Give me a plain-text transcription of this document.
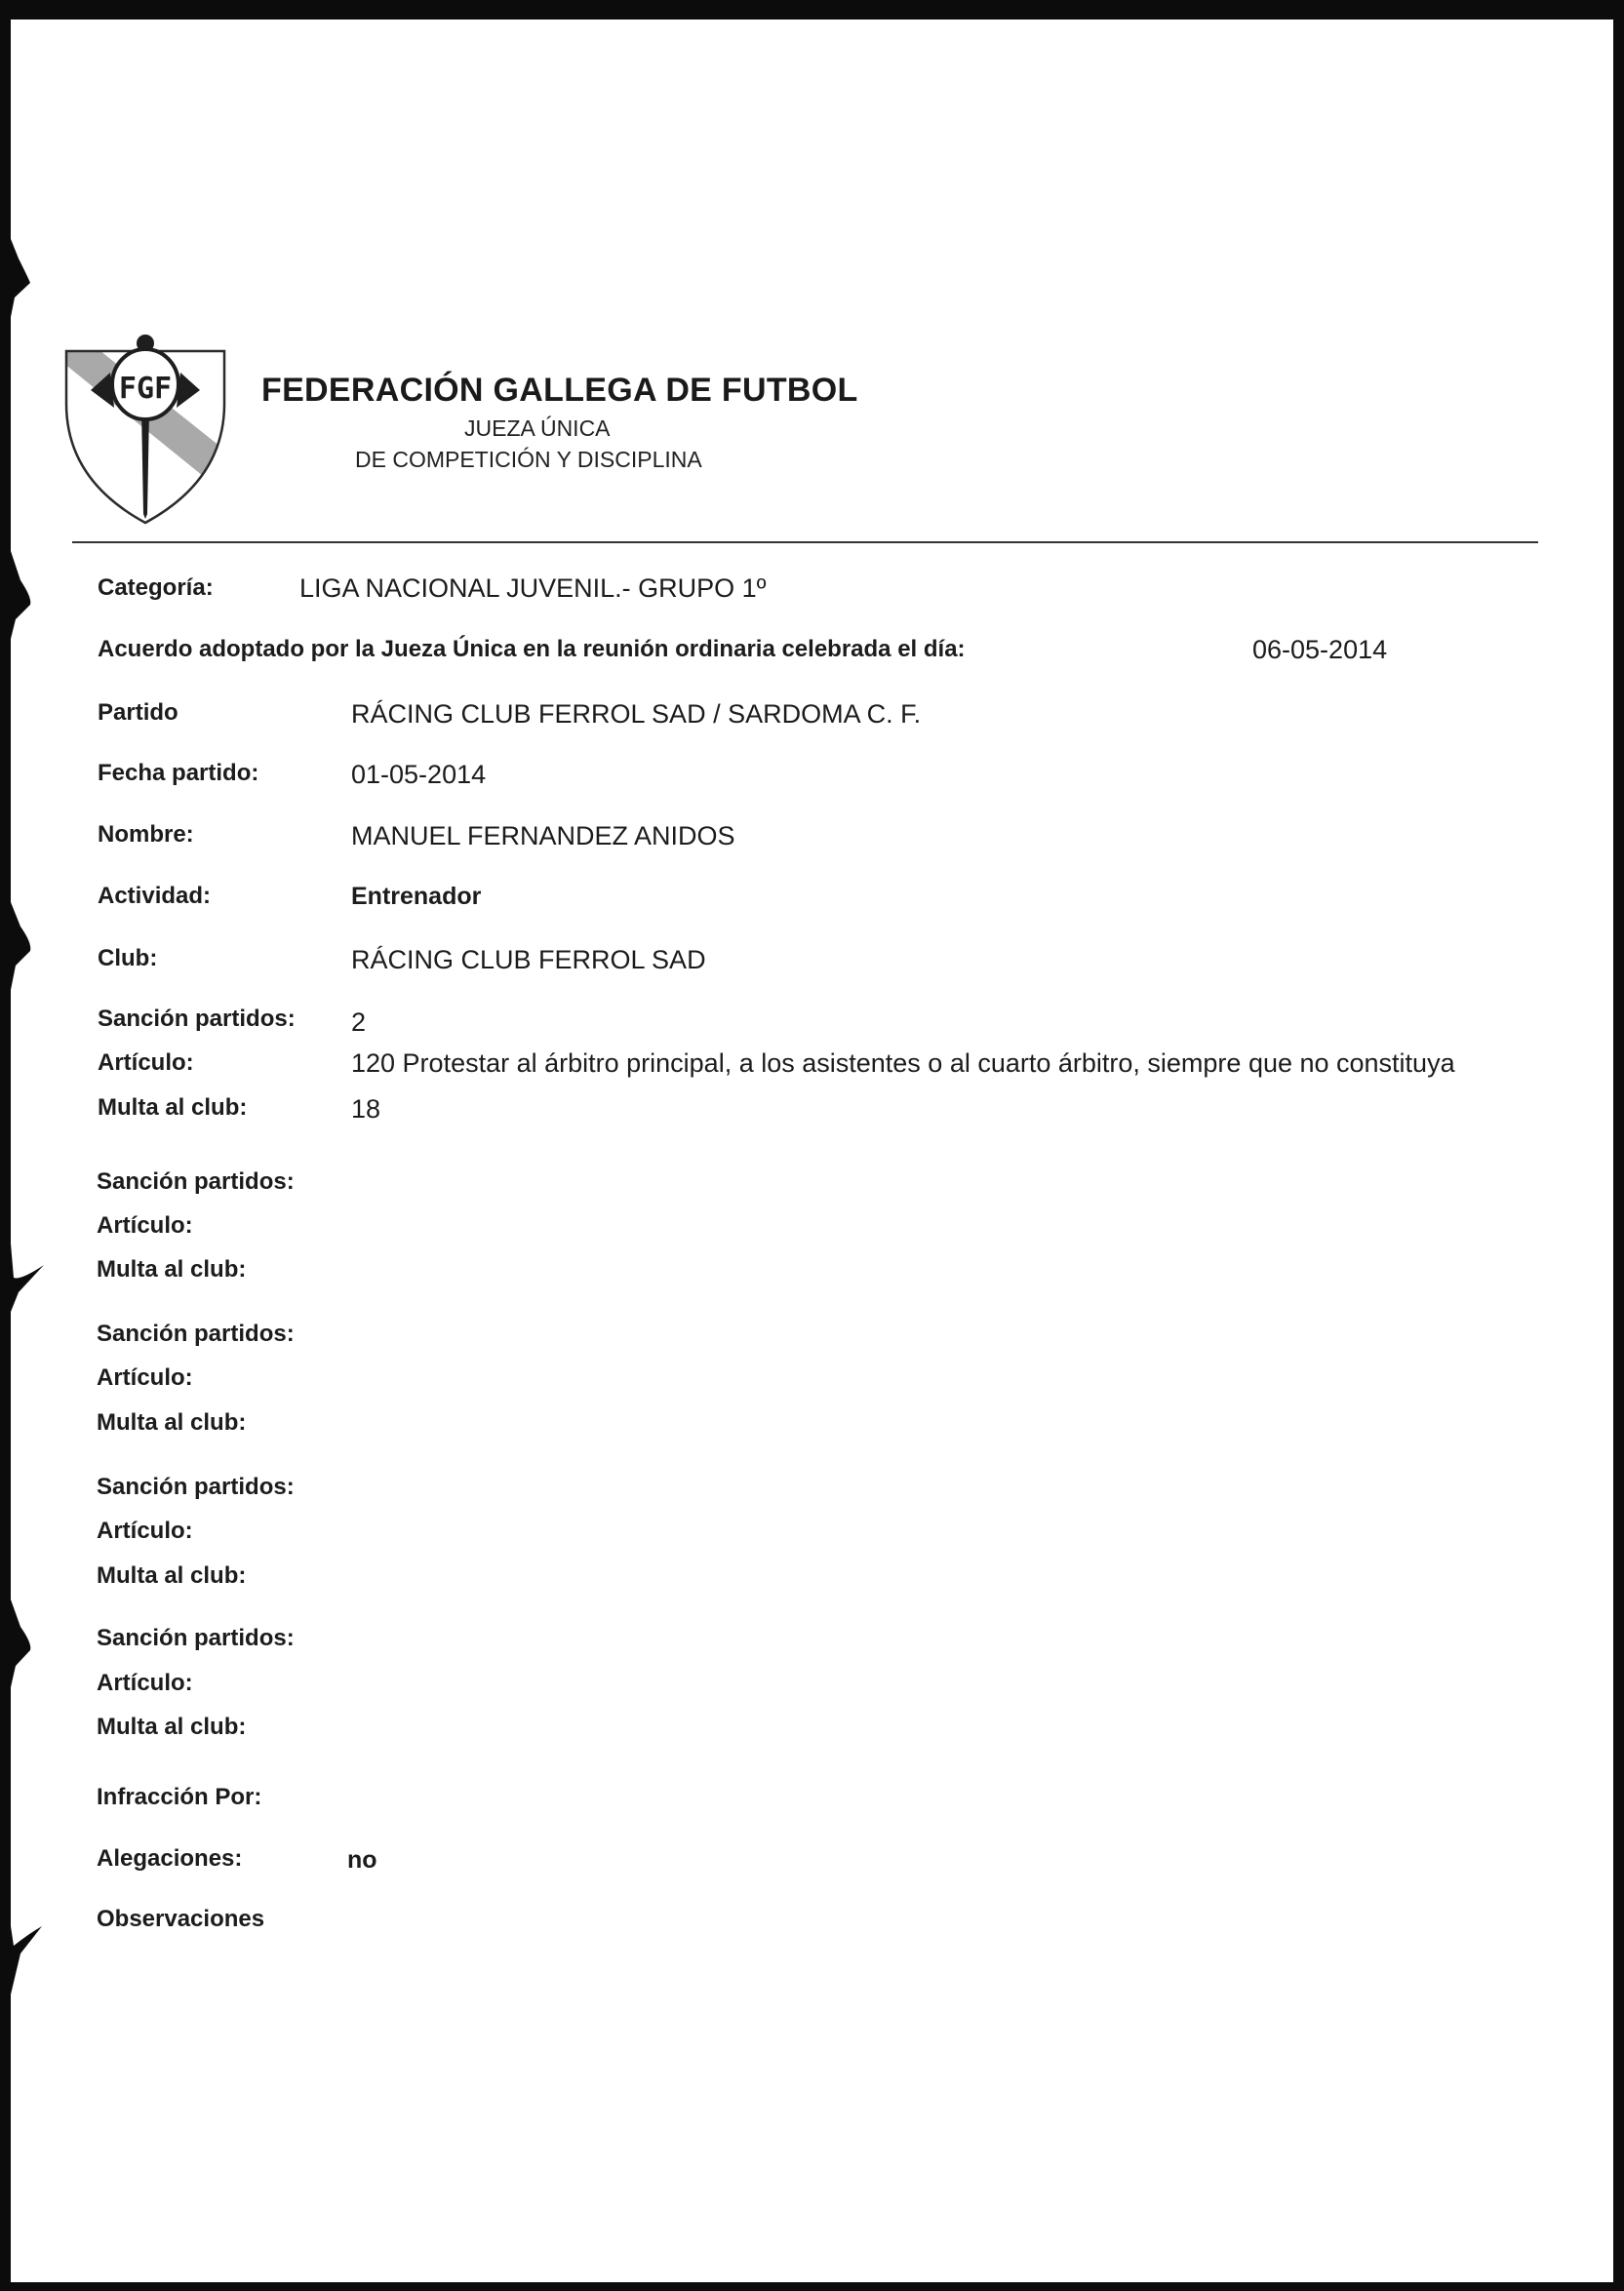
FGF	FEDERACIÓN GALLEGA DE FUTBOL
JUEZA ÚNICA
DE COMPETICIÓN Y DISCIPLINA
Categoría:	LIGA NACIONAL JUVENIL.- GRUPO 1º
Acuerdo adoptado por la Jueza Única en la reunión ordinaria celebrada el día:	06-05-2014
Partido	RÁCING CLUB FERROL SAD / SARDOMA C. F.
Fecha partido:	01-05-2014
Nombre:	MANUEL FERNANDEZ ANIDOS
Actividad:	Entrenador
Club:	RÁCING CLUB FERROL SAD
Sanción partidos: 2
Artículo:	120 Protestar al árbitro principal, a los asistentes o al cuarto árbitro, siempre que no constituya
Multa al club:	18
Sanción partidos:
Artículo:
Multa al club:
Sanción partidos:
Artículo:
Multa al club:
Sanción partidos:
Artículo:
Multa al club:
Sanción partidos:
Artículo:
Multa al club:
Infracción Por:
Alegaciones:	no
Observaciones
